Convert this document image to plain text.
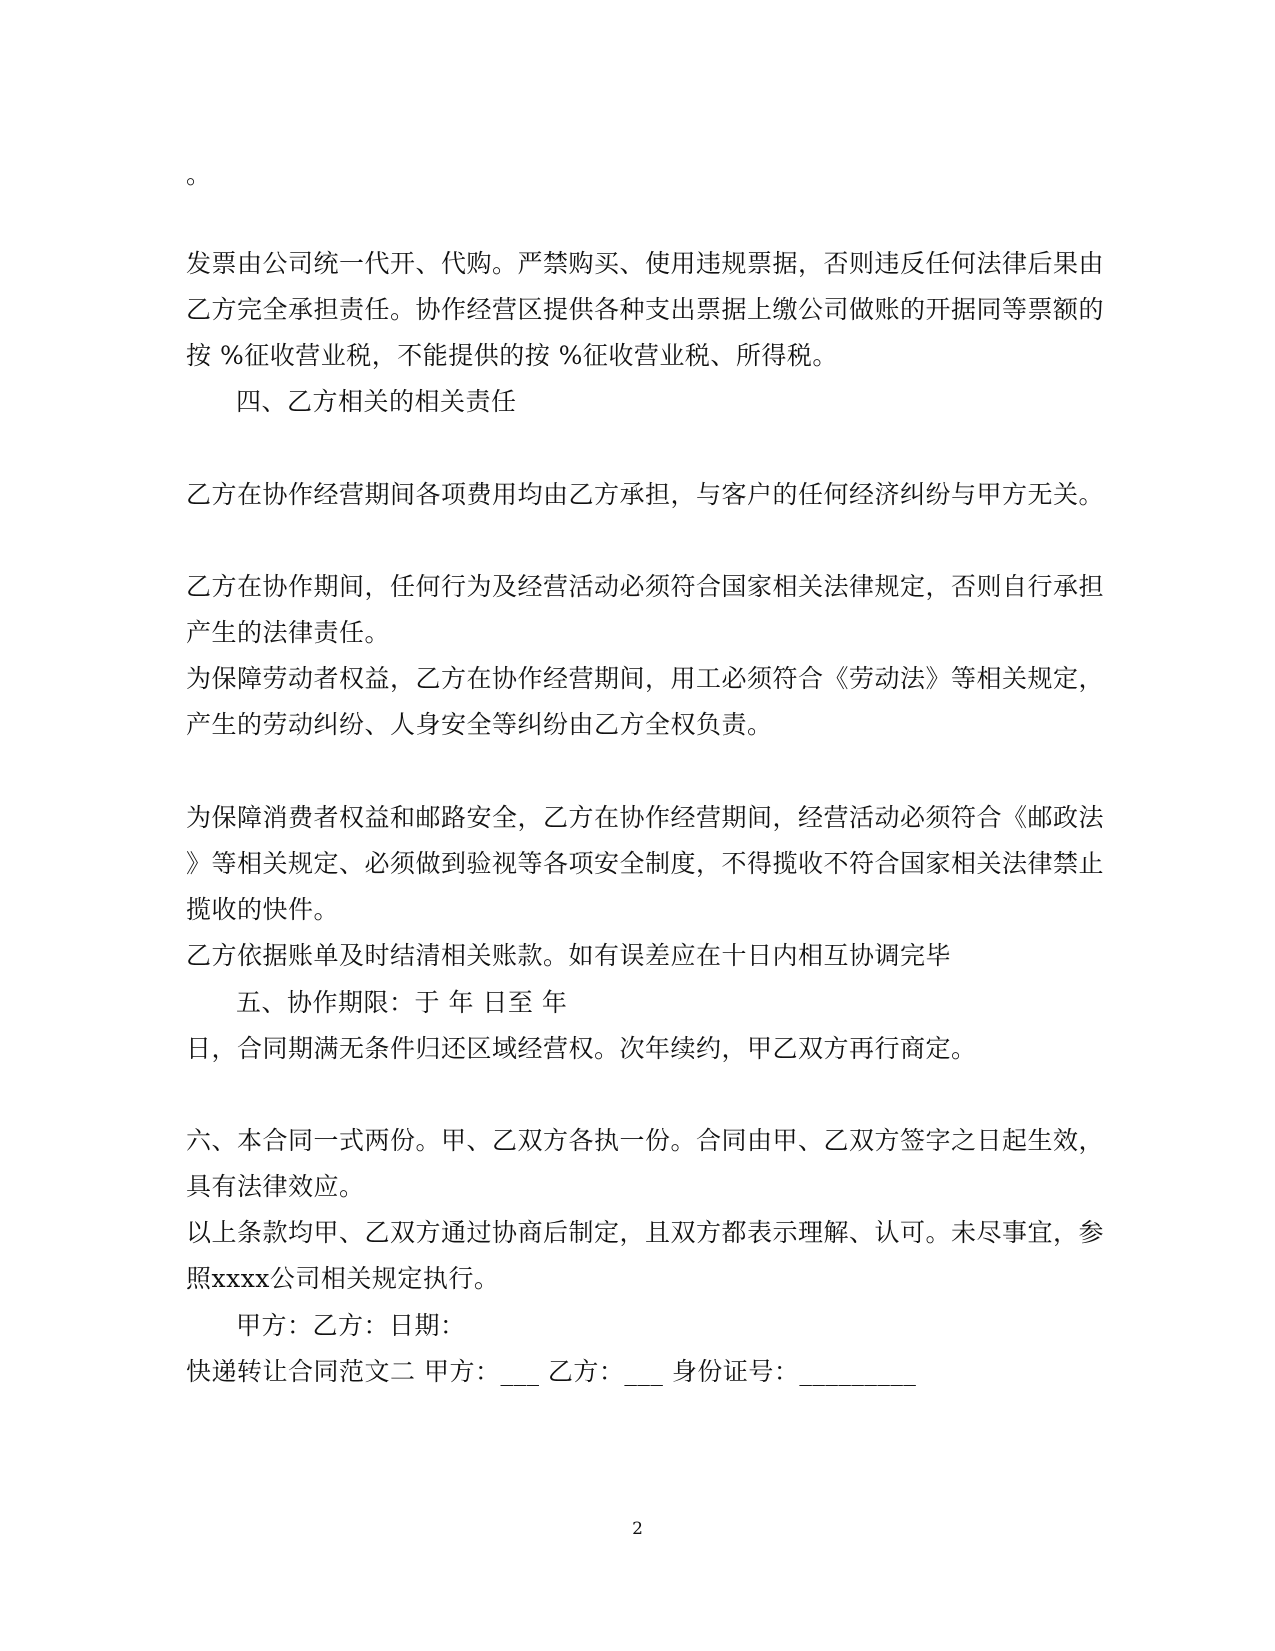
。
发票由公司统一代开、代购。严禁购买、使用违规票据，否则违反任何法律后果由
乙方完全承担责任。协作经营区提供各种支出票据上缴公司做账的开据同等票额的
按 %征收营业税，不能提供的按 %征收营业税、所得税。
四、乙方相关的相关责任
乙方在协作经营期间各项费用均由乙方承担，与客户的任何经济纠纷与甲方无关。
乙方在协作期间，任何行为及经营活动必须符合国家相关法律规定，否则自行承担
产生的法律责任。
为保障劳动者权益，乙方在协作经营期间，用工必须符合《劳动法》等相关规定，
产生的劳动纠纷、人身安全等纠纷由乙方全权负责。
为保障消费者权益和邮路安全，乙方在协作经营期间，经营活动必须符合《邮政法
》等相关规定、必须做到验视等各项安全制度，不得揽收不符合国家相关法律禁止
揽收的快件。
乙方依据账单及时结清相关账款。如有误差应在十日内相互协调完毕
五、协作期限：于 年 日至 年
日，合同期满无条件归还区域经营权。次年续约，甲乙双方再行商定。
六、本合同一式两份。甲、乙双方各执一份。合同由甲、乙双方签字之日起生效，
具有法律效应。
以上条款均甲、乙双方通过协商后制定，且双方都表示理解、认可。未尽事宜，参
照xxxx公司相关规定执行。
甲方：乙方：日期：
快递转让合同范文二 甲方：___ 乙方：___ 身份证号：_________
2
